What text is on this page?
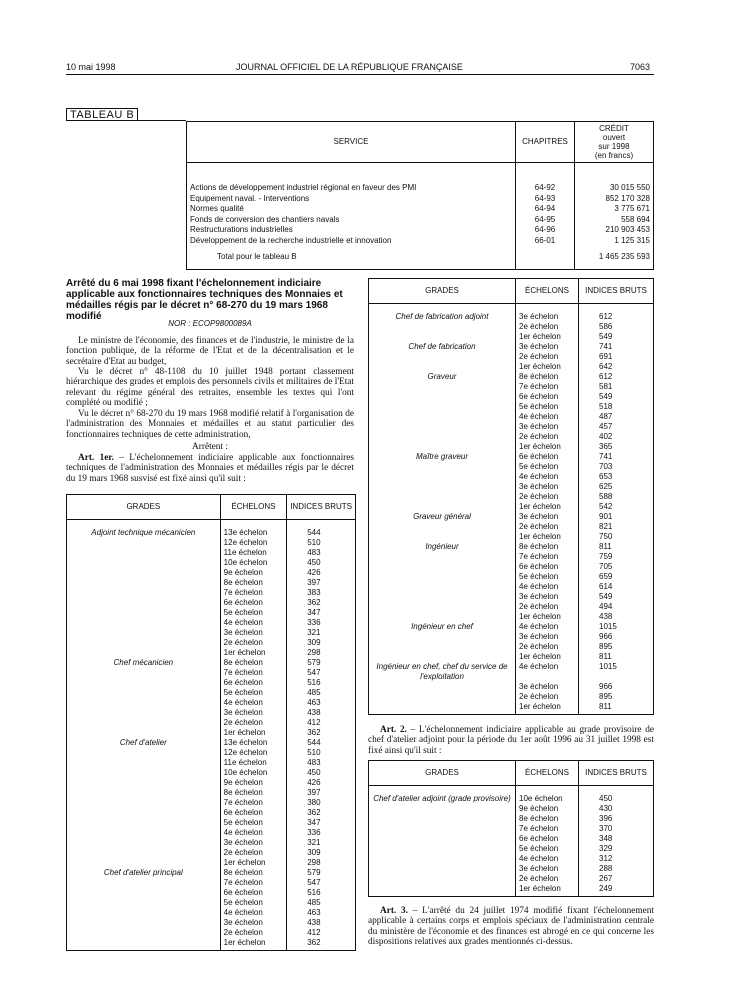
10 mai 1998	JOURNAL OFFICIEL DE LA RÉPUBLIQUE FRANÇAISE	7063
TABLEAU B
SERVICE	CHAPITRES	CRÉDIT
ouvert
sur 1998
(en francs)

Actions de développement industriel régional en faveur des PMI	64-92	30 015 550
Equipement naval. - Interventions	64-93	852 170 328
Normes qualité	64-94	3 775 671
Fonds de conversion des chantiers navals	64-95	558 694
Restructurations industrielles	64-96	210 903 453
Développement de la recherche industrielle et innovation	66-01	1 125 315
Total pour le tableau B		1 465 235 593
Arrêté du 6 mai 1998 fixant l'échelonnement indiciaire applicable aux fonctionnaires techniques des Monnaies et médailles régis par le décret n° 68-270 du 19 mars 1968 modifié
NOR : ECOP9800089A
Le ministre de l'économie, des finances et de l'industrie, le ministre de la fonction publique, de la réforme de l'Etat et de la décentralisation et le secrétaire d'Etat au budget,
Vu le décret n° 48-1108 du 10 juillet 1948 portant classement hiérarchique des grades et emplois des personnels civils et militaires de l'Etat relevant du régime général des retraites, ensemble les textes qui l'ont complété ou modifié ;
Vu le décret n° 68-270 du 19 mars 1968 modifié relatif à l'organisation de l'administration des Monnaies et médailles et au statut particulier des fonctionnaires techniques de cette administration,
Arrêtent :
Art. 1er. – L'échelonnement indiciaire applicable aux fonctionnaires techniques de l'administration des Monnaies et médailles régis par le décret du 19 mars 1968 susvisé est fixé ainsi qu'il suit :
GRADES	ÉCHELONS	INDICES BRUTS
Adjoint technique mécanicien	13e échelon	544
	12e échelon	510
	11e échelon	483
	10e échelon	450
	9e échelon	426
	8e échelon	397
	7e échelon	383
	6e échelon	362
	5e échelon	347
	4e échelon	336
	3e échelon	321
	2e échelon	309
	1er échelon	298
Chef mécanicien	8e échelon	579
	7e échelon	547
	6e échelon	516
	5e échelon	485
	4e échelon	463
	3e échelon	438
	2e échelon	412
	1er échelon	362
Chef d'atelier	13e échelon	544
	12e échelon	510
	11e échelon	483
	10e échelon	450
	9e échelon	426
	8e échelon	397
	7e échelon	380
	6e échelon	362
	5e échelon	347
	4e échelon	336
	3e échelon	321
	2e échelon	309
	1er échelon	298
Chef d'atelier principal	8e échelon	579
	7e échelon	547
	6e échelon	516
	5e échelon	485
	4e échelon	463
	3e échelon	438
	2e échelon	412
	1er échelon	362

GRADES	ÉCHELONS	INDICES BRUTS
Chef de fabrication adjoint	3e échelon	612
	2e échelon	586
	1er échelon	549
Chef de fabrication	3e échelon	741
	2e échelon	691
	1er échelon	642
Graveur	8e échelon	612
	7e échelon	581
	6e échelon	549
	5e échelon	518
	4e échelon	487
	3e échelon	457
	2e échelon	402
	1er échelon	365
Maître graveur	6e échelon	741
	5e échelon	703
	4e échelon	653
	3e échelon	625
	2e échelon	588
	1er échelon	542
Graveur général	3e échelon	901
	2e échelon	821
	1er échelon	750
Ingénieur	8e échelon	811
	7e échelon	759
	6e échelon	705
	5e échelon	659
	4e échelon	614
	3e échelon	549
	2e échelon	494
	1er échelon	438
Ingénieur en chef	4e échelon	1015
	3e échelon	966
	2e échelon	895
	1er échelon	811
Ingénieur en chef, chef du service de l'exploitation	4e échelon	1015
	3e échelon	966
	2e échelon	895
	1er échelon	811

Art. 2. – L'échelonnement indiciaire applicable au grade provisoire de chef d'atelier adjoint pour la période du 1er août 1996 au 31 juillet 1998 est fixé ainsi qu'il suit :
GRADES	ÉCHELONS	INDICES BRUTS
Chef d'atelier adjoint (grade provisoire)	10e échelon	450
	9e échelon	430
	8e échelon	396
	7e échelon	370
	6e échelon	348
	5e échelon	329
	4e échelon	312
	3e échelon	288
	2e échelon	267
	1er échelon	249

Art. 3. – L'arrêté du 24 juillet 1974 modifié fixant l'échelonnement applicable à certains corps et emplois spéciaux de l'administration centrale du ministère de l'économie et des finances est abrogé en ce qui concerne les dispositions relatives aux grades mentionnés ci-dessus.
